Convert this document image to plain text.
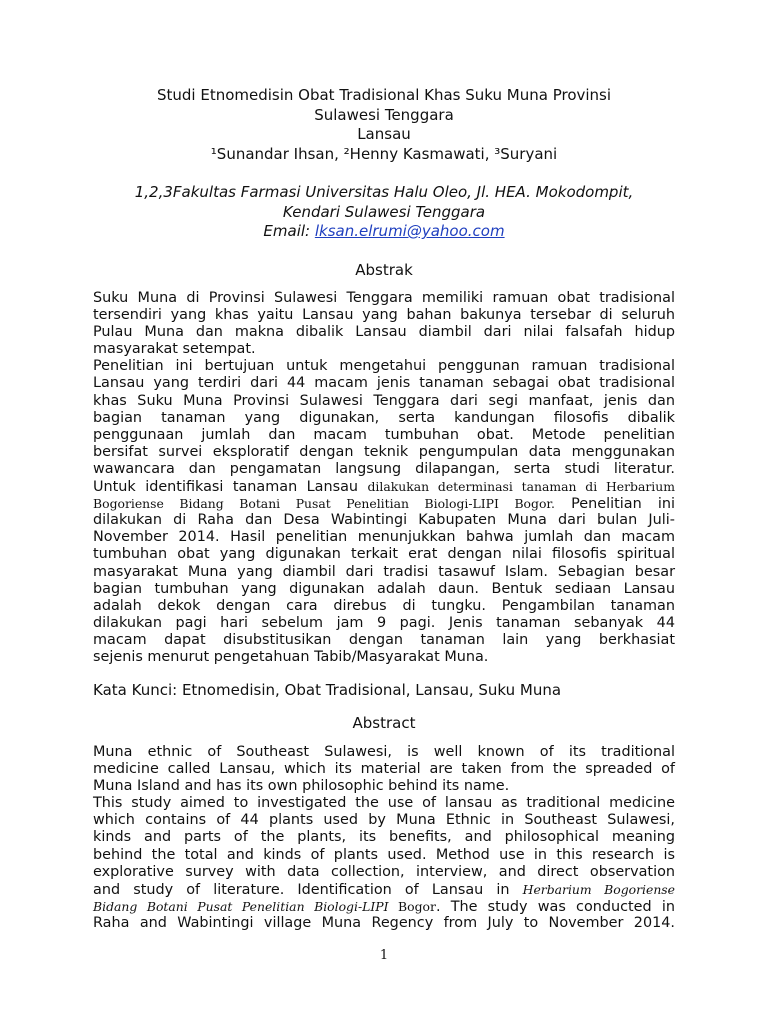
Studi Etnomedisin Obat Tradisional Khas Suku Muna Provinsi
Sulawesi Tenggara
Lansau
¹Sunandar Ihsan, ²Henny Kasmawati, ³Suryani
1,2,3Fakultas Farmasi Universitas Halu Oleo, Jl. HEA. Mokodompit,
Kendari Sulawesi Tenggara
Email: lksan.elrumi@yahoo.com
Abstrak
Suku Muna di Provinsi Sulawesi Tenggara memiliki ramuan obat tradisional
tersendiri yang khas yaitu Lansau yang bahan bakunya tersebar di seluruh
Pulau Muna dan makna dibalik Lansau diambil dari nilai falsafah hidup
masyarakat setempat.
Penelitian ini bertujuan untuk mengetahui penggunan ramuan tradisional
Lansau yang terdiri dari 44 macam jenis tanaman sebagai obat tradisional
khas Suku Muna Provinsi Sulawesi Tenggara dari segi manfaat, jenis dan
bagian tanaman yang digunakan, serta kandungan filosofis dibalik
penggunaan jumlah dan macam tumbuhan obat. Metode penelitian
bersifat survei eksploratif dengan teknik pengumpulan data menggunakan
wawancara dan pengamatan langsung dilapangan, serta studi literatur.
Untuk identifikasi tanaman Lansau dilakukan determinasi tanaman di Herbarium
Bogoriense Bidang Botani Pusat Penelitian Biologi-LIPI Bogor. Penelitian ini
dilakukan di Raha dan Desa Wabintingi Kabupaten Muna dari bulan Juli-
November 2014. Hasil penelitian menunjukkan bahwa jumlah dan macam
tumbuhan obat yang digunakan terkait erat dengan nilai filosofis spiritual
masyarakat Muna yang diambil dari tradisi tasawuf Islam. Sebagian besar
bagian tumbuhan yang digunakan adalah daun. Bentuk sediaan Lansau
adalah dekok dengan cara direbus di tungku. Pengambilan tanaman
dilakukan pagi hari sebelum jam 9 pagi. Jenis tanaman sebanyak 44
macam dapat disubstitusikan dengan tanaman lain yang berkhasiat
sejenis menurut pengetahuan Tabib/Masyarakat Muna.
Kata Kunci: Etnomedisin, Obat Tradisional, Lansau, Suku Muna
Abstract
Muna ethnic of Southeast Sulawesi, is well known of its traditional
medicine called Lansau, which its material are taken from the spreaded of
Muna Island and has its own philosophic behind its name.
This study aimed to investigated the use of lansau as traditional medicine
which contains of 44 plants used by Muna Ethnic in Southeast Sulawesi,
kinds and parts of the plants, its benefits, and philosophical meaning
behind the total and kinds of plants used. Method use in this research is
explorative survey with data collection, interview, and direct observation
and study of literature. Identification of Lansau in Herbarium Bogoriense
Bidang Botani Pusat Penelitian Biologi-LIPI Bogor. The study was conducted in
Raha and Wabintingi village Muna Regency from July to November 2014.
1
